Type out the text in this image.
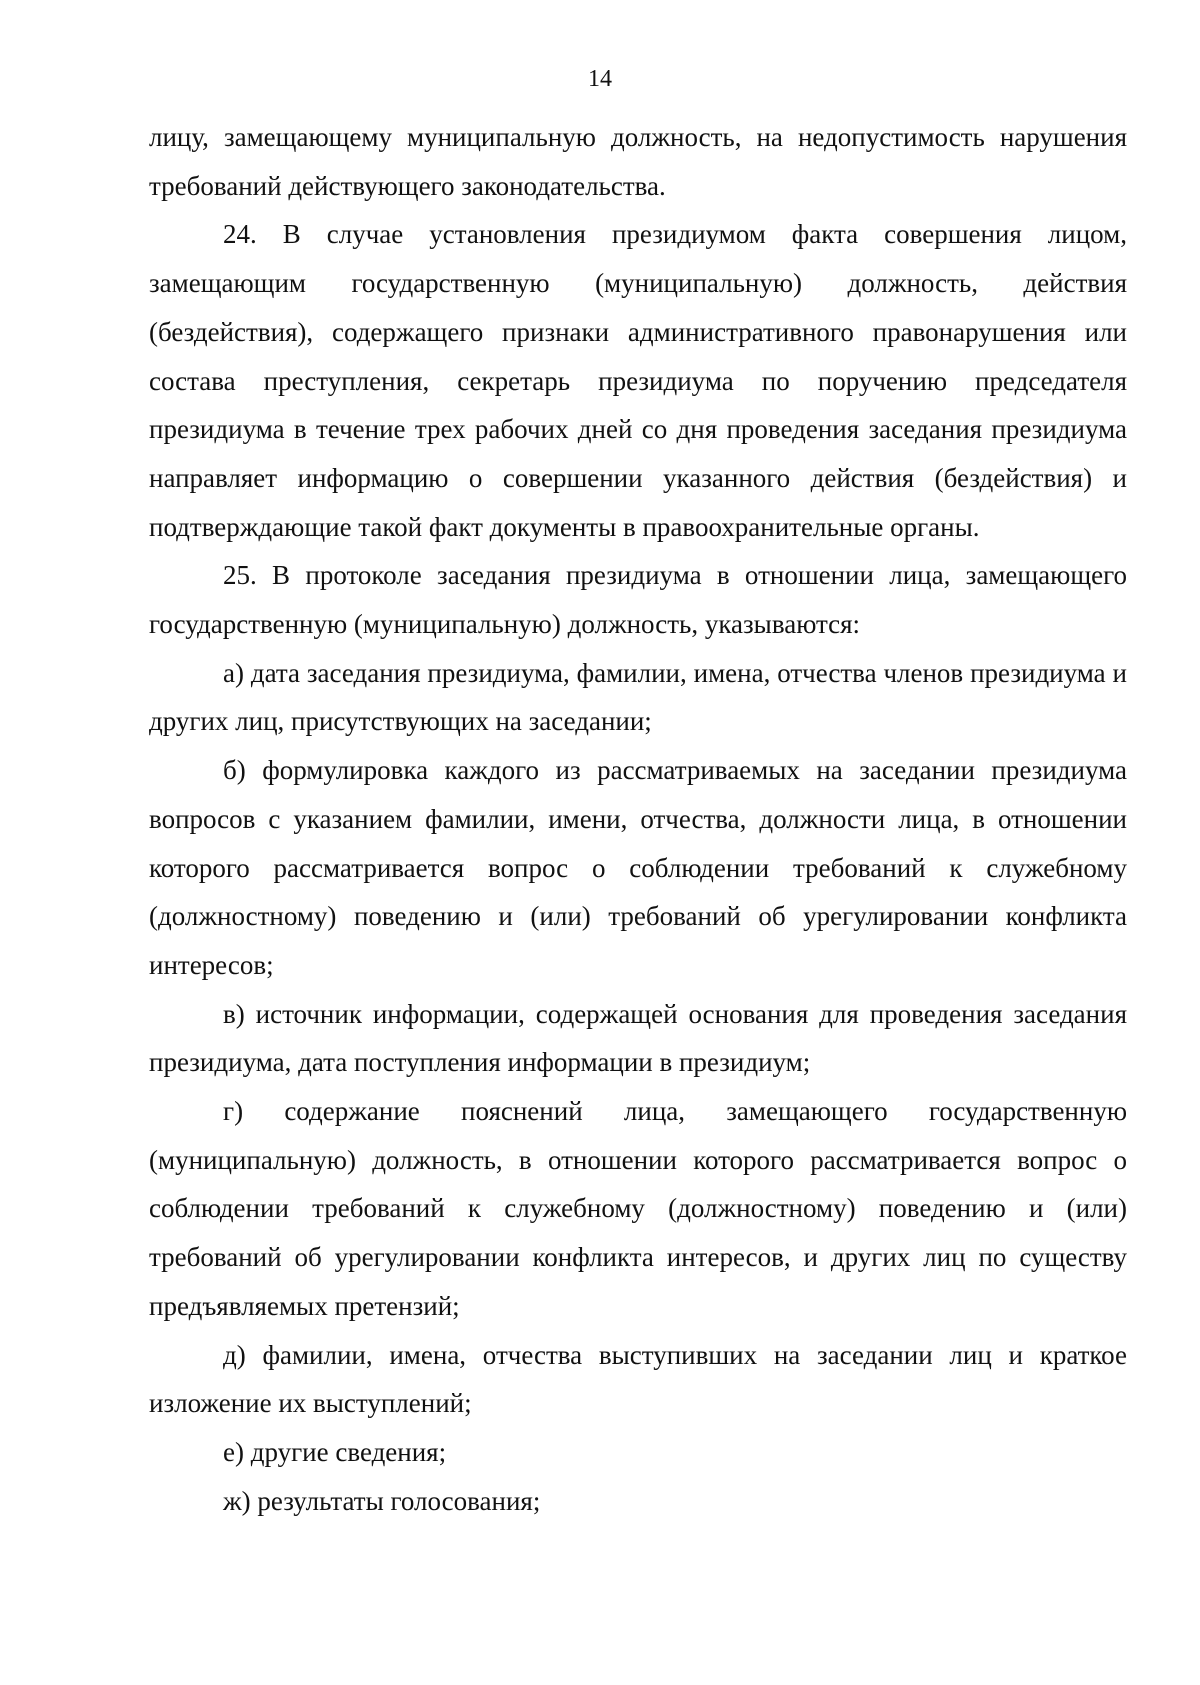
14

лицу, замещающему муниципальную должность, на недопустимость нарушения требований действующего законодательства.

24. В случае установления президиумом факта совершения лицом, замещающим государственную (муниципальную) должность, действия (бездействия), содержащего признаки административного правонарушения или состава преступления, секретарь президиума по поручению председателя президиума в течение трех рабочих дней со дня проведения заседания президиума направляет информацию о совершении указанного действия (бездействия) и подтверждающие такой факт документы в правоохранительные органы.

25. В протоколе заседания президиума в отношении лица, замещающего государственную (муниципальную) должность, указываются:

а) дата заседания президиума, фамилии, имена, отчества членов президиума и других лиц, присутствующих на заседании;

б) формулировка каждого из рассматриваемых на заседании президиума вопросов с указанием фамилии, имени, отчества, должности лица, в отношении которого рассматривается вопрос о соблюдении требований к служебному (должностному) поведению и (или) требований об урегулировании конфликта интересов;

в) источник информации, содержащей основания для проведения заседания президиума, дата поступления информации в президиум;

г) содержание пояснений лица, замещающего государственную (муниципальную) должность, в отношении которого рассматривается вопрос о соблюдении требований к служебному (должностному) поведению и (или) требований об урегулировании конфликта интересов, и других лиц по существу предъявляемых претензий;

д) фамилии, имена, отчества выступивших на заседании лиц и краткое изложение их выступлений;

е) другие сведения;

ж) результаты голосования;
